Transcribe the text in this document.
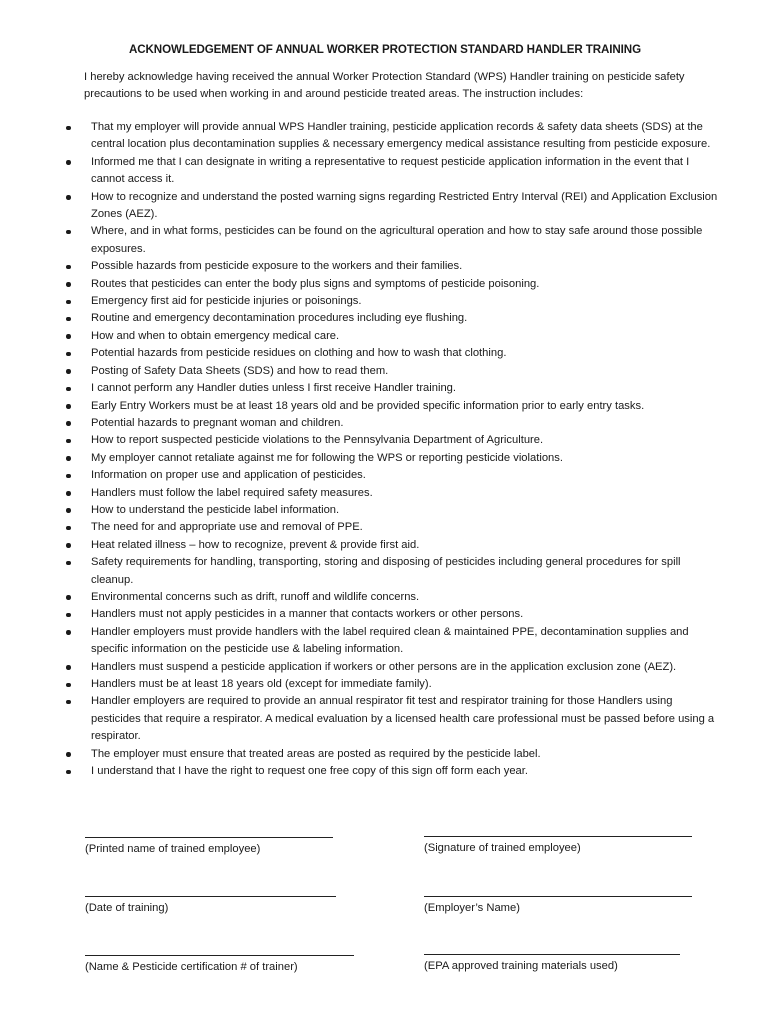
ACKNOWLEDGEMENT OF ANNUAL WORKER PROTECTION STANDARD HANDLER TRAINING
I hereby acknowledge having received the annual Worker Protection Standard (WPS) Handler training on pesticide safety precautions to be used when working in and around pesticide treated areas. The instruction includes:
That my employer will provide annual WPS Handler training, pesticide application records & safety data sheets (SDS) at the central location plus decontamination supplies & necessary emergency medical assistance resulting from pesticide exposure.
Informed me that I can designate in writing a representative to request pesticide application information in the event that I cannot access it.
How to recognize and understand the posted warning signs regarding Restricted Entry Interval (REI) and Application Exclusion Zones (AEZ).
Where, and in what forms, pesticides can be found on the agricultural operation and how to stay safe around those possible exposures.
Possible hazards from pesticide exposure to the workers and their families.
Routes that pesticides can enter the body plus signs and symptoms of pesticide poisoning.
Emergency first aid for pesticide injuries or poisonings.
Routine and emergency decontamination procedures including eye flushing.
How and when to obtain emergency medical care.
Potential hazards from pesticide residues on clothing and how to wash that clothing.
Posting of Safety Data Sheets (SDS) and how to read them.
I cannot perform any Handler duties unless I first receive Handler training.
Early Entry Workers must be at least 18 years old and be provided specific information prior to early entry tasks.
Potential hazards to pregnant woman and children.
How to report suspected pesticide violations to the Pennsylvania Department of Agriculture.
My employer cannot retaliate against me for following the WPS or reporting pesticide violations.
Information on proper use and application of pesticides.
Handlers must follow the label required safety measures.
How to understand the pesticide label information.
The need for and appropriate use and removal of PPE.
Heat related illness – how to recognize, prevent & provide first aid.
Safety requirements for handling, transporting, storing and disposing of pesticides including general procedures for spill cleanup.
Environmental concerns such as drift, runoff and wildlife concerns.
Handlers must not apply pesticides in a manner that contacts workers or other persons.
Handler employers must provide handlers with the label required clean & maintained PPE, decontamination supplies and specific information on the pesticide use & labeling information.
Handlers must suspend a pesticide application if workers or other persons are in the application exclusion zone (AEZ).
Handlers must be at least 18 years old (except for immediate family).
Handler employers are required to provide an annual respirator fit test and respirator training for those Handlers using pesticides that require a respirator. A medical evaluation by a licensed health care professional must be passed before using a respirator.
The employer must ensure that treated areas are posted as required by the pesticide label.
I understand that I have the right to request one free copy of this sign off form each year.
(Printed name of trained employee)	(Signature of trained employee)
(Date of training)	(Employer’s Name)
(Name & Pesticide certification # of trainer)	(EPA approved training materials used)
